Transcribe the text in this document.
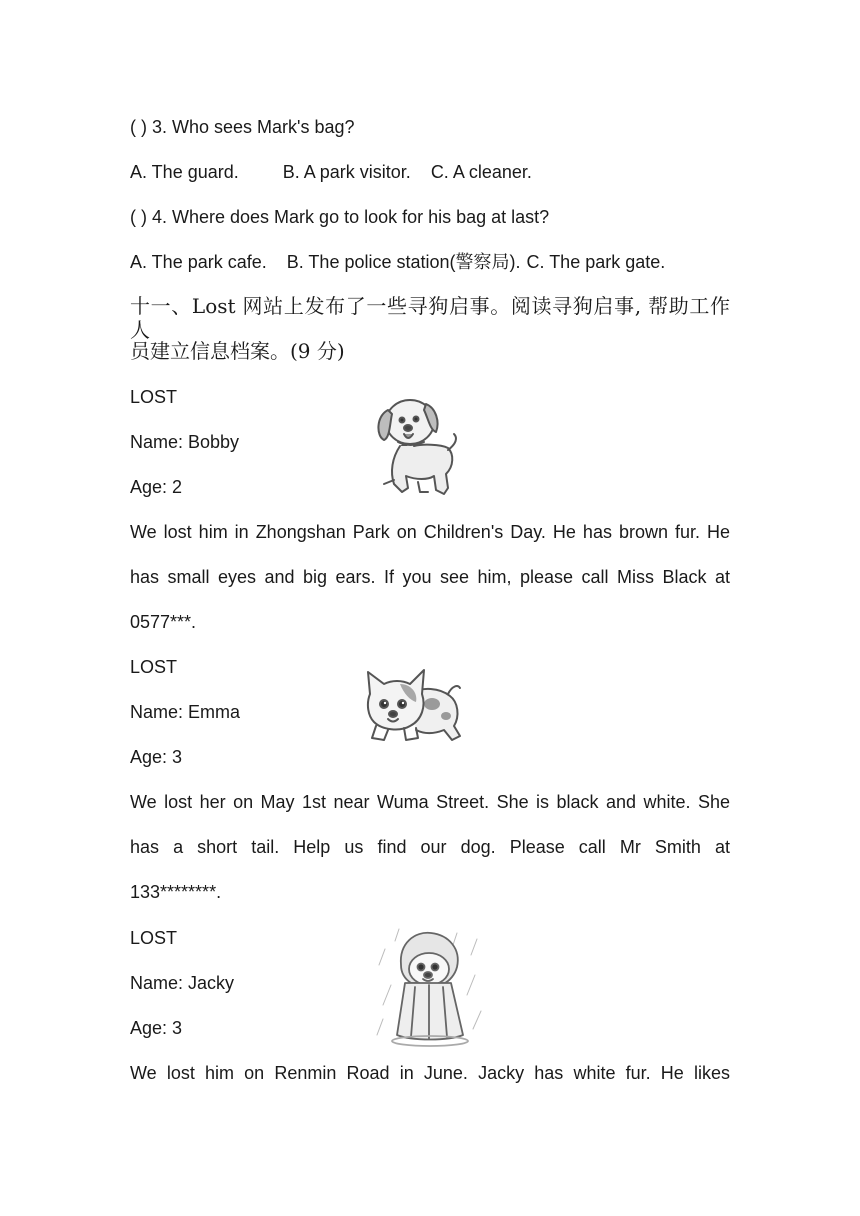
( ) 3. Who sees Mark's bag?
A. The guard. B. A park visitor. C. A cleaner.
( ) 4. Where does Mark go to look for his bag at last?
A. The park cafe. B. The police station(警察局). C. The park gate.
十一、Lost 网站上发布了一些寻狗启事。阅读寻狗启事, 帮助工作人
员建立信息档案。(9 分)
LOST
Name: Bobby
Age: 2
We lost him in Zhongshan Park on Children's Day. He has brown fur. He
has small eyes and big ears. If you see him, please call Miss Black at
0577***.
LOST
Name: Emma
Age: 3
We lost her on May 1st near Wuma Street. She is black and white. She
has a short tail. Help us find our dog. Please call Mr Smith at
133********.
LOST
Name: Jacky
Age: 3
We lost him on Renmin Road in June. Jacky has white fur. He likes
